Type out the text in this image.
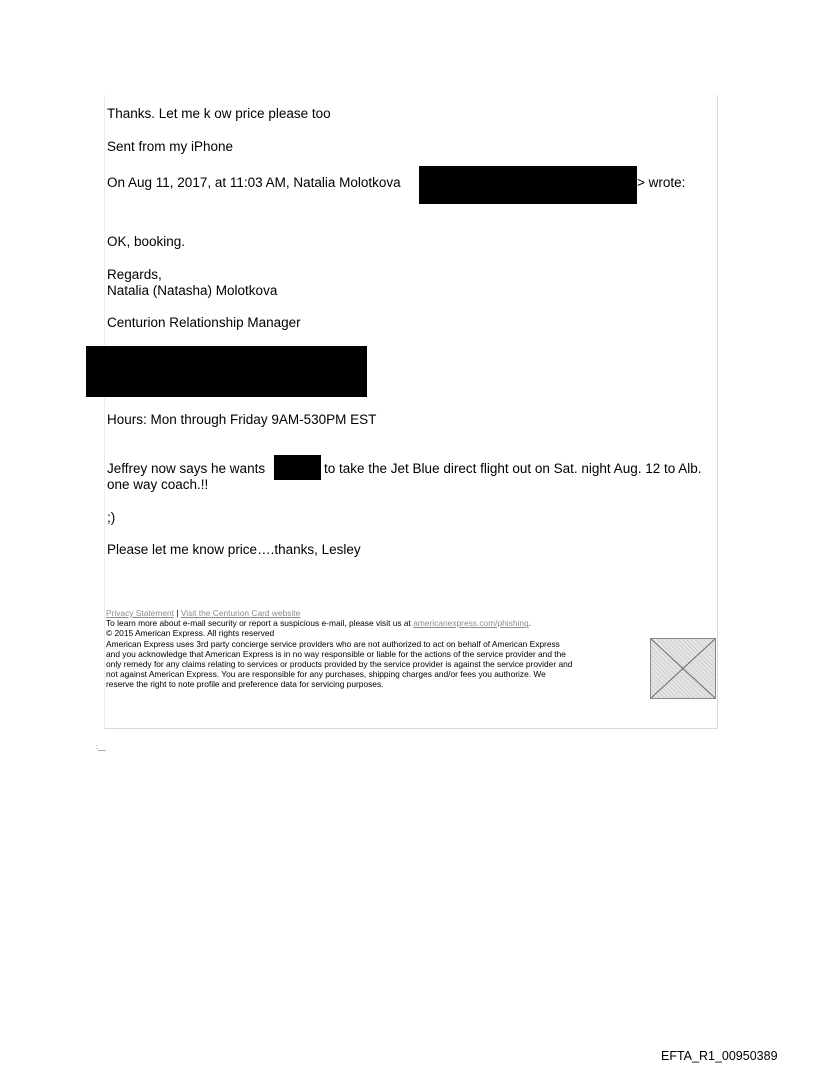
Thanks. Let me k ow price please too
Sent from my iPhone
On Aug 11, 2017, at 11:03 AM, Natalia Molotkova	> wrote:
OK, booking.
Regards,
Natalia (Natasha) Molotkova
Centurion Relationship Manager
Hours: Mon through Friday 9AM-530PM EST
Jeffrey now says he wants	to take the Jet Blue direct flight out on Sat. night Aug. 12 to Alb.
one way coach.!!
;)
Please let me know price….thanks, Lesley

Privacy Statement | Visit the Centurion Card website

To learn more about e-mail security or report a suspicious e-mail, please visit us at americanexpress.com/phishing.

© 2015 American Express. All rights reserved

American Express uses 3rd party concierge service providers who are not authorized to act on behalf of American Express

and you acknowledge that American Express is in no way responsible or liable for the actions of the service provider and the

only remedy for any claims relating to services or products provided by the service provider is against the service provider and

not against American Express. You are responsible for any purchases, shipping charges and/or fees you authorize. We

reserve the right to note profile and preference data for servicing purposes.

:__
EFTA_R1_00950389
